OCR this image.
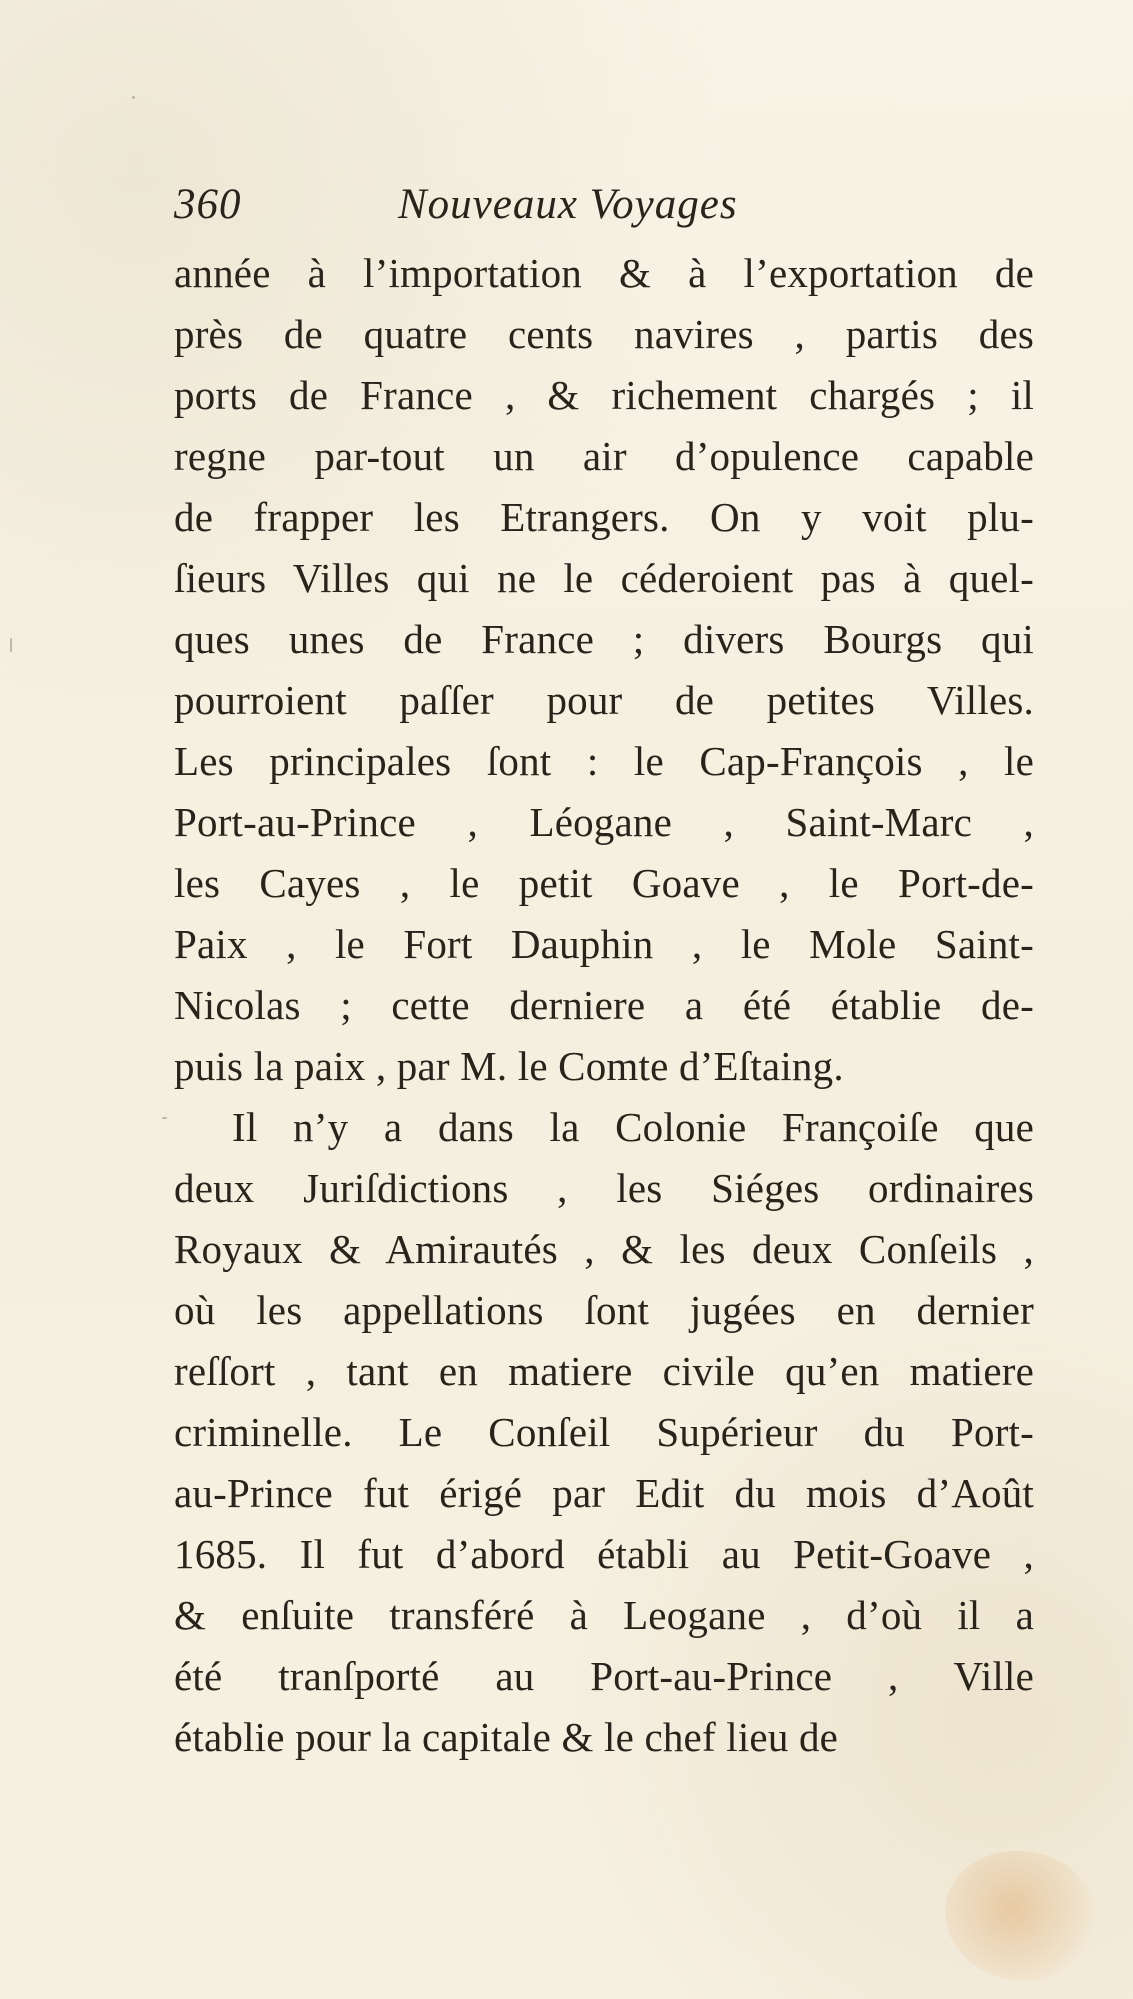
360	Nouveaux Voyages
année à l’importation & à l’exportation de
près de quatre cents navires , partis des
ports de France , & richement chargés ; il
regne par-tout un air d’opulence capable
de frapper les Etrangers. On y voit plu-
ſieurs Villes qui ne le céderoient pas à quel-
ques unes de France ; divers Bourgs qui
pourroient paſſer pour de petites Villes.
Les principales ſont : le Cap-François , le
Port-au-Prince , Léogane , Saint-Marc ,
les Cayes , le petit Goave , le Port-de-
Paix , le Fort Dauphin , le Mole Saint-
Nicolas ; cette derniere a été établie de-
puis la paix , par M. le Comte d’Eſtaing.
Il n’y a dans la Colonie Françoiſe que
deux Juriſdictions , les Siéges ordinaires
Royaux & Amirautés , & les deux Conſeils ,
où les appellations ſont jugées en dernier
reſſort , tant en matiere civile qu’en matiere
criminelle. Le Conſeil Supérieur du Port-
au-Prince fut érigé par Edit du mois d’Août
1685. Il fut d’abord établi au Petit-Goave ,
& enſuite transféré à Leogane , d’où il a
été tranſporté au Port-au-Prince , Ville
établie pour la capitale & le chef lieu de
